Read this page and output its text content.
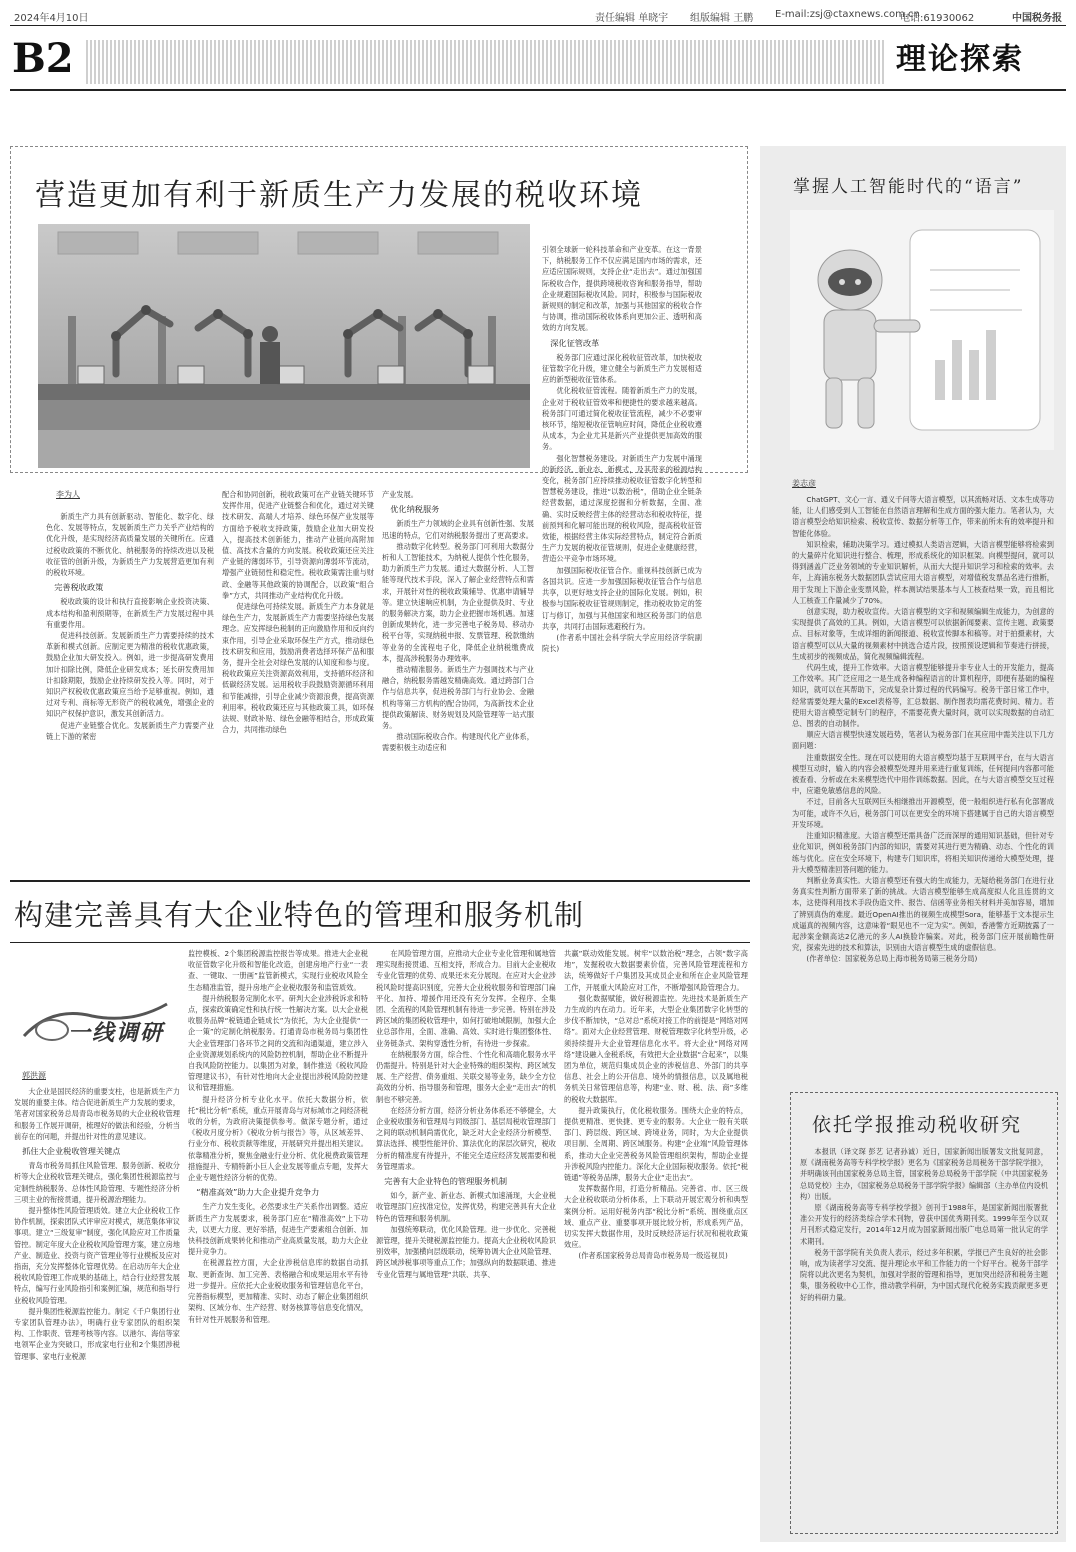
2024年4月10日	责任编辑 单晓宇 组版编辑 王鹏 E-mail:zsj@ctaxnews.com.cn
电话:61930062	中国税务报
B2	理论探索
营造更加有利于新质生产力发展的税收环境
李为人

新质生产力具有创新驱动、智能化、数字化、绿色化、发展等特点，发展新质生产力关乎产业结构的优化升级，是实现经济高质量发展的关键所在。应通过税收政策的不断优化、纳税服务的持续改进以及税收征管的创新升级，为新质生产力发展营造更加有利的税收环境。

完善税收政策

税收政策的设计和执行直接影响企业投资决策、成本结构和盈利预期等，在新质生产力发展过程中具有重要作用。

促进科技创新。发展新质生产力需要持续的技术革新和模式创新。应制定更为精准的税收优惠政策，鼓励企业加大研发投入。例如，进一步提高研发费用加计扣除比例，降低企业研发成本；延长研发费用加计扣除期限，鼓励企业持续研发投入等。同时，对于知识产权税收优惠政策应当给予足够重视。例如，通过对专利、商标等无形资产的税收减免，增强企业的知识产权保护意识，激发其创新活力。

促进产业链整合优化。发展新质生产力需要产业链上下游的紧密

配合和协同创新，税收政策可在产业链关键环节发挥作用，促进产业链整合和优化，通过对关键技术研发、高端人才培养、绿色环保产业发展等方面给予税收支持政策，鼓励企业加大研发投入，提高技术创新能力，推动产业链向高附加值、高技术含量的方向发展。税收政策还应关注产业链的薄弱环节，引导资源向薄弱环节流动，增强产业链韧性和稳定性。税收政策需注重与财政、金融等其他政策的协调配合，以政策“组合拳”方式，共同推动产业结构优化升级。

促进绿色可持续发展。新质生产力本身就是绿色生产力，发展新质生产力需要坚持绿色发展理念。应发挥绿色税制的正向激励作用和反向约束作用，引导企业采取环保生产方式，推动绿色技术研发和应用，鼓励消费者选择环保产品和服务，提升全社会对绿色发展的认知度和参与度。税收政策应关注资源高效利用，支持循环经济和低碳经济发展。运用税收手段鼓励资源循环利用和节能减排，引导企业减少资源浪费，提高资源利用率。税收政策还应与其他政策工具，如环保法规、财政补贴、绿色金融等相结合，形成政策合力，共同推动绿色

产业发展。

优化纳税服务

新质生产力领域的企业具有创新性强、发展迅速的特点，它们对纳税服务提出了更高要求。

推动数字化转型。税务部门可利用大数据分析和人工智能技术，为纳税人提供个性化服务，助力新质生产力发展。通过大数据分析、人工智能等现代技术手段，深入了解企业经营特点和需求，开展针对性的税收政策辅导、优惠申请辅导等。建立快速响应机制，为企业提供及时、专业的服务解决方案，助力企业把握市场机遇。加速创新成果转化，进一步完善电子税务局、移动办税平台等，实现纳税申报、发票管理、税款缴纳等业务的全流程电子化，降低企业纳税缴费成本，提高涉税服务办理效率。

推动精准服务。新质生产力强调技术与产业融合，纳税服务需越发精确高效。通过跨部门合作与信息共享，促进税务部门与行业协会、金融机构等第三方机构的配合协同，为高新技术企业提供政策解读、财务规划及风险管理等一站式服务。

推动国际税收合作。构建现代化产业体系，需要积极主动适应和

引领全球新一轮科技革命和产业变革。在这一背景下，纳税服务工作不仅应满足国内市场的需求，还应适应国际规则，支持企业“走出去”。通过加强国际税收合作，提供跨境税收咨询和服务指导，帮助企业规避国际税收风险。同时，积极参与国际税收新规则的制定和改革，加强与其他国家的税收合作与协调，推动国际税收体系向更加公正、透明和高效的方向发展。

深化征管改革

税务部门应通过深化税收征管改革，加快税收征管数字化升级，建立健全与新质生产力发展相适应的新型税收征管体系。

优化税收征管流程。随着新质生产力的发展，企业对于税收征管效率和便捷性的要求越来越高。税务部门可通过简化税收征管流程，减少不必要审核环节，缩短税收征管响应时间，降低企业税收遵从成本，为企业尤其是新兴产业提供更加高效的服务。

强化智慧税务建设。对新质生产力发展中涌现的新经济、新业态、新模式，及其带来的税源结构变化，税务部门应持续推动税收征管数字化转型和智慧税务建设，推进“以数治税”，借助企业全链条经营数据，通过深度挖掘和分析数据，全面、准确、实时反映经营主体的经营动态和税收特征，提前预判和化解可能出现的税收风险，提高税收征管效能，根据经营主体实际经营特点，制定符合新质生产力发展的税收征管规则，促进企业健康经营，营造公平竞争市场环境。

加强国际税收征管合作。重视科技创新已成为各国共识。应进一步加强国际税收征管合作与信息共享，以更好地支持企业的国际化发展。例如，积极参与国际税收征管规则制定，推动税收协定的签订与修订，加强与其他国家和地区税务部门的信息共享，共同打击国际逃避税行为。

(作者系中国社会科学院大学应用经济学院副院长)

构建完善具有大企业特色的管理和服务机制
一线调研
郭洪源

大企业是国民经济的重要支柱，也是新质生产力发展的重要主体。结合促进新质生产力发展的要求，笔者对国家税务总局青岛市税务局的大企业税收管理和服务工作展开调研，梳理好的做法和经验，分析当前存在的问题，并提出针对性的意见建议。

抓住大企业税收管理关键点

青岛市税务局抓住风险管理、服务创新、税收分析等大企业税收管理关键点，强化集团性税源监控与定制性纳税服务、总体性风险管理、专题性经济分析三项主业的衔接贯通，提升税源治理能力。

提升整体性风险管理质效。建立大企业税收工作协作机制，探索团队式评审应对模式，规范集体审议事项。建立“三级复审”制度，强化风险应对工作质量管控。制定年度大企业税收风险管理方案，建立房地产业、制造业、投资与资产管理业等行业模板及应对指南，充分发挥整体化管理优势。在启动历年大企业税收风险管理工作成果的基础上，结合行业经营发展特点，编写行业风险指引和案例汇编，规范和指导行业税收风险管理。

提升集团性税源监控能力。制定《千户集团行业专家团队管理办法》，明确行业专家团队的组织架构、工作职责、管理考核等内容。以港尔、海信等家电领军企业为突破口，形成家电行业和2个集团涉税管理事、家电行业税源

监控模板、2个集团税源监控报告等成果。推进大企业税收征管数字化升级和智能化改造，创建房地产行业“一表查、一键取、一册画”监管新模式，实现行业税收风险全生态精准监管，提升房地产企业税收服务和监管质效。

提升纳税服务定制化水平。研判大企业涉税诉求和特点，探索政策确定性和执行统一性解决方案。以大企业税收服务品牌“税链通企链成长”为依托，为大企业提供“一企一策”的定制化纳税服务。打通青岛市税务局与集团性大企业管理部门各环节之间的交流和沟通渠道，建立涉入企业资源规划系统内的风险防控机制，帮助企业不断提升自我风险防控能力。以集团为对象，制作推送《税收风险管理建议书》，有针对性地向大企业提出涉税风险防控建议和管理措施。

提升经济分析专业化水平。依托大数据分析，依托“税比分析”系统，重点开展青岛与对标城市之间经济税收的分析，为政府决策提供参考。做深专题分析，通过《税收月度分析》《税收分析与报告》等，从区域差异、行业分布、税收贡献等维度，开展研究并提出相关建议。依靠精准分析，聚焦金融业行业分析、优化税费政策管理措施提升、专精特新小巨人企业发展等重点专题，发挥大企业专题性经济分析的优势。

“精准高效”助力大企业提升竞争力

生产力发生变化，必然要求生产关系作出调整。适应新质生产力发展要求，税务部门应在“精准高效”上下功夫，以更大力度、更好举措，促进生产要素组合创新、加快科技创新成果转化和推动产业高质量发展，助力大企业提升竞争力。

在税源监控方面，大企业涉税信息库的数据自动抓取、更新查询、加工完善、表格融合和成果运用水平有待进一步提升。应依托大企业税收服务和管理信息化平台，完善指标模型，更加精准、实时、动态了解企业集团组织架构、区域分布、生产经营、财务核算等信息变化情况，有针对性开展服务和管理。

在风险管理方面，应推动大企业专业化管理和属地管理实现衔接贯通、互相支持，形成合力。目前大企业税收专业化管理的优势、成果还未充分展现。在应对大企业涉税风险时提高识别度，完善大企业税收服务和管理部门扁平化、加持、增援作用还没有充分发挥。全程序、全集团、全流程的风险管理机制有待进一步完善。特别在涉及跨区域的集团税收管理中，如何打破地域限制，加强大企业总部作用，全面、准确、高效、实时进行集团整体性、业务链条式、架构穿透性分析，有待进一步探索。

在纳税服务方面，综合性、个性化和高端化服务水平仍需提升。特别是针对大企业特殊的组织架构、跨区域发展、生产经营、债务重组、关联交易等业务，缺少全方位高效的分析、指导服务和管理，服务大企业“走出去”的机制也不够完善。

在经济分析方面，经济分析业务体系还不够健全，大企业税收服务和管理局与同级部门、基层局税收管理部门之间的联动机制尚需优化，缺乏对大企业经济分析模型、算法选择、模型性能评价、算法优化的深层次研究，税收分析的精准度有待提升，不能完全适应经济发展需要和税务管理需求。

完善有大企业特色的管理服务机制

如今，新产业、新业态、新模式加速涌现，大企业税收管理部门应找准定位，发挥优势，构建完善具有大企业特色的管理和服务机制。

加强统筹联动，优化风险管理。进一步优化、完善税源管理，提升关键税源监控能力。提高大企业税收风险识别效率，加强横向层级联动，统筹协调大企业风险管理、跨区域涉税事项等重点工作；加强纵向的数据联通、推进专业化管理与属地管理“共联、共享、

共赢”联动效能发展。树牢“以数治税”理念，占领“数字高地”，发掘税收大数据要素价值，完善风险管理流程和方法，统筹做好千户集团及其成员企业和所在企业风险管理工作，开展重大风险应对工作，不断增强风险管理合力。

强化数据赋能，做好税源监控。先进技术是新质生产力生成的内在动力。近年来，大型企业集团数字化转型的步伐不断加快，“总对总”系统对接工作的前提是“网络对网络”。面对大企业经营管理、财税管理数字化转型升级，必须持续提升大企业管理信息化水平。将大企业“网络对网络”建设融入金税系统，有效把大企业数据“合起来”，以集团为单位，规范归集成员企业的涉税信息、外部门的共享信息、社会上的公开信息、境外的情报信息，以及属地税务机关日常管理信息等，构建“业、财、税、法、商”多维的税收大数据库。

提升政策执行，优化税收服务。围绕大企业的特点，提供更精准、更快捷、更专业的服务。大企业一般有关联部门、跨层级、跨区域、跨境业务，同时，为大企业提供项目制、全周期、跨区域服务。构建“企业端”风险管理体系，推动大企业完善税务风险管理组织架构，帮助企业提升涉税风险内控能力。深化大企业国际税收服务。依托“税链通”等税务品牌，服务大企业“走出去”。

发挥数据作用，打造分析精品。完善省、市、区三级大企业税收联动分析体系，上下联动开展宏观分析和典型案例分析。运用好税务内部“税比分析”系统、围绕重点区域、重点产业、重要事项开展比较分析，形成系列产品，切实发挥大数据作用，及时反映经济运行状况和税收政策效应。

(作者系国家税务总局青岛市税务局一级巡视员)

掌握人工智能时代的“语言”
姜志彦

ChatGPT、文心一言、通义千问等大语言模型，以其流畅对话、文本生成等功能，让人们感受到人工智能在自然语言理解和生成方面的强大能力。笔者认为，大语言模型会给知识检索、税收宣传、数据分析等工作，带来前所未有的效率提升和智能化体验。

知识检索，辅助决策学习。通过模拟人类语言逻辑，大语言模型能够将检索到的大量碎片化知识进行整合、梳理，形成系统化的知识框架。向模型提问，就可以得到涵盖广泛业务领域的专业知识解析，从而大大提升知识学习和检索的效率。去年，上海浦东税务大数据团队尝试应用大语言模型，对增值税发票品名进行推断，用于发现上下游企业变票风险，样本测试结果基本与人工核查结果一致，而且相比人工核查工作量减少了70%。

创意实现，助力税收宣传。大语言模型的文字和视频编辑生成能力，为创意的实现提供了高效的工具。例如，大语言模型可以依据新闻要素、宣传主题、政策要点、目标对象等，生成详细的新闻报道、税收宣传脚本和稿等。对于拍摄素材，大语言模型可以从大量的视频素材中挑选合适片段，按照预设逻辑和节奏进行拼接，生成初步的视频成品，简化视频编辑流程。

代码生成，提升工作效率。大语言模型能够提升非专业人士的开发能力，提高工作效率。其广泛应用之一是生成各种编程语言的计算机程序，即便有基础的编程知识，就可以在其帮助下，完成复杂计算过程的代码编写。税务干部日常工作中，经常需要处理大量的Excel表格等，汇总数据、制作图表均需花费时间、精力。若使用大语言模型定制专门的程序，不需要花费大量时间，就可以实现数据的自动汇总、图表的自动制作。

顺应大语言模型快速发展趋势，笔者认为税务部门在其应用中需关注以下几方面问题：

注重数据安全性。现在可以使用的大语言模型均基于互联网平台，在与大语言模型互动时，输入的内容会被模型处理并用来进行重复训练，任何提问内容都可能被查看、分析或在未来模型迭代中用作训练数据。因此，在与大语言模型交互过程中，应避免敏感信息的风险。

不过，目前各大互联网巨头相继推出开源模型，使一般组织进行私有化部署成为可能，或许不久后，税务部门可以在更安全的环境下搭建属于自己的大语言模型开发环境。

注重知识精准度。大语言模型还需具备广泛而深厚的通用知识基础，但针对专业化知识，例如税务部门内部的知识，需要对其进行更为精确、动态、个性化的训练与优化。应在安全环境下，构建专门知识库，将相关知识传递给大模型处理，提升大模型精准回答问题的能力。

判断业务真实性。大语言模型还有强大的生成能力，无疑给税务部门在进行业务真实性判断方面带来了新的挑战。大语言模型能够生成高度拟人化且连贯的文本，这使得利用技术手段伪造文件、报告、信函等业务相关材料并美加容易，增加了辨别真伪的难度。最近OpenAI推出的视频生成模型Sora，能够基于文本提示生成逼真的视频内容，这意味着“眼见也不一定为实”。例如，香港警方近期披露了一起涉案金额高达2亿港元的多人AI换脸诈骗案。对此，税务部门应开展前瞻性研究，探索先进的技术和算法，识别由大语言模型生成的虚假信息。

(作者单位：国家税务总局上海市税务局第三税务分局)

依托学报推动税收研究

本报讯（译文琛 彭艺 记者孙诚）近日，国家新闻出版署发文批复同意，原《湖南税务高等专科学校学报》更名为《国家税务总局税务干部学院学报》，并明确该刊由国家税务总局主管，国家税务总局税务干部学院（中共国家税务总局党校）主办，《国家税务总局税务干部学院学报》编辑部（主办单位内设机构）出版。

原《湖南税务高等专科学校学报》创刊于1988年，是国家新闻出版署批准公开发行的经济类综合学术刊物，曾获中国优秀期刊奖。1999年至今以双月刊形式稳定发行，2014年12月成为国家新闻出版广电总局第一批认定的学术期刊。

税务干部学院有关负责人表示，经过多年积累，学报已产生良好的社会影响，成为读者学习交流、提升理论水平和工作能力的一个好平台。税务干部学院将以此次更名为契机，加强对学报的管理和指导，更加突出经济和税务主题集，服务税收中心工作，推动教学科研，为中国式现代化税务实践贡献更多更好的科研力量。
